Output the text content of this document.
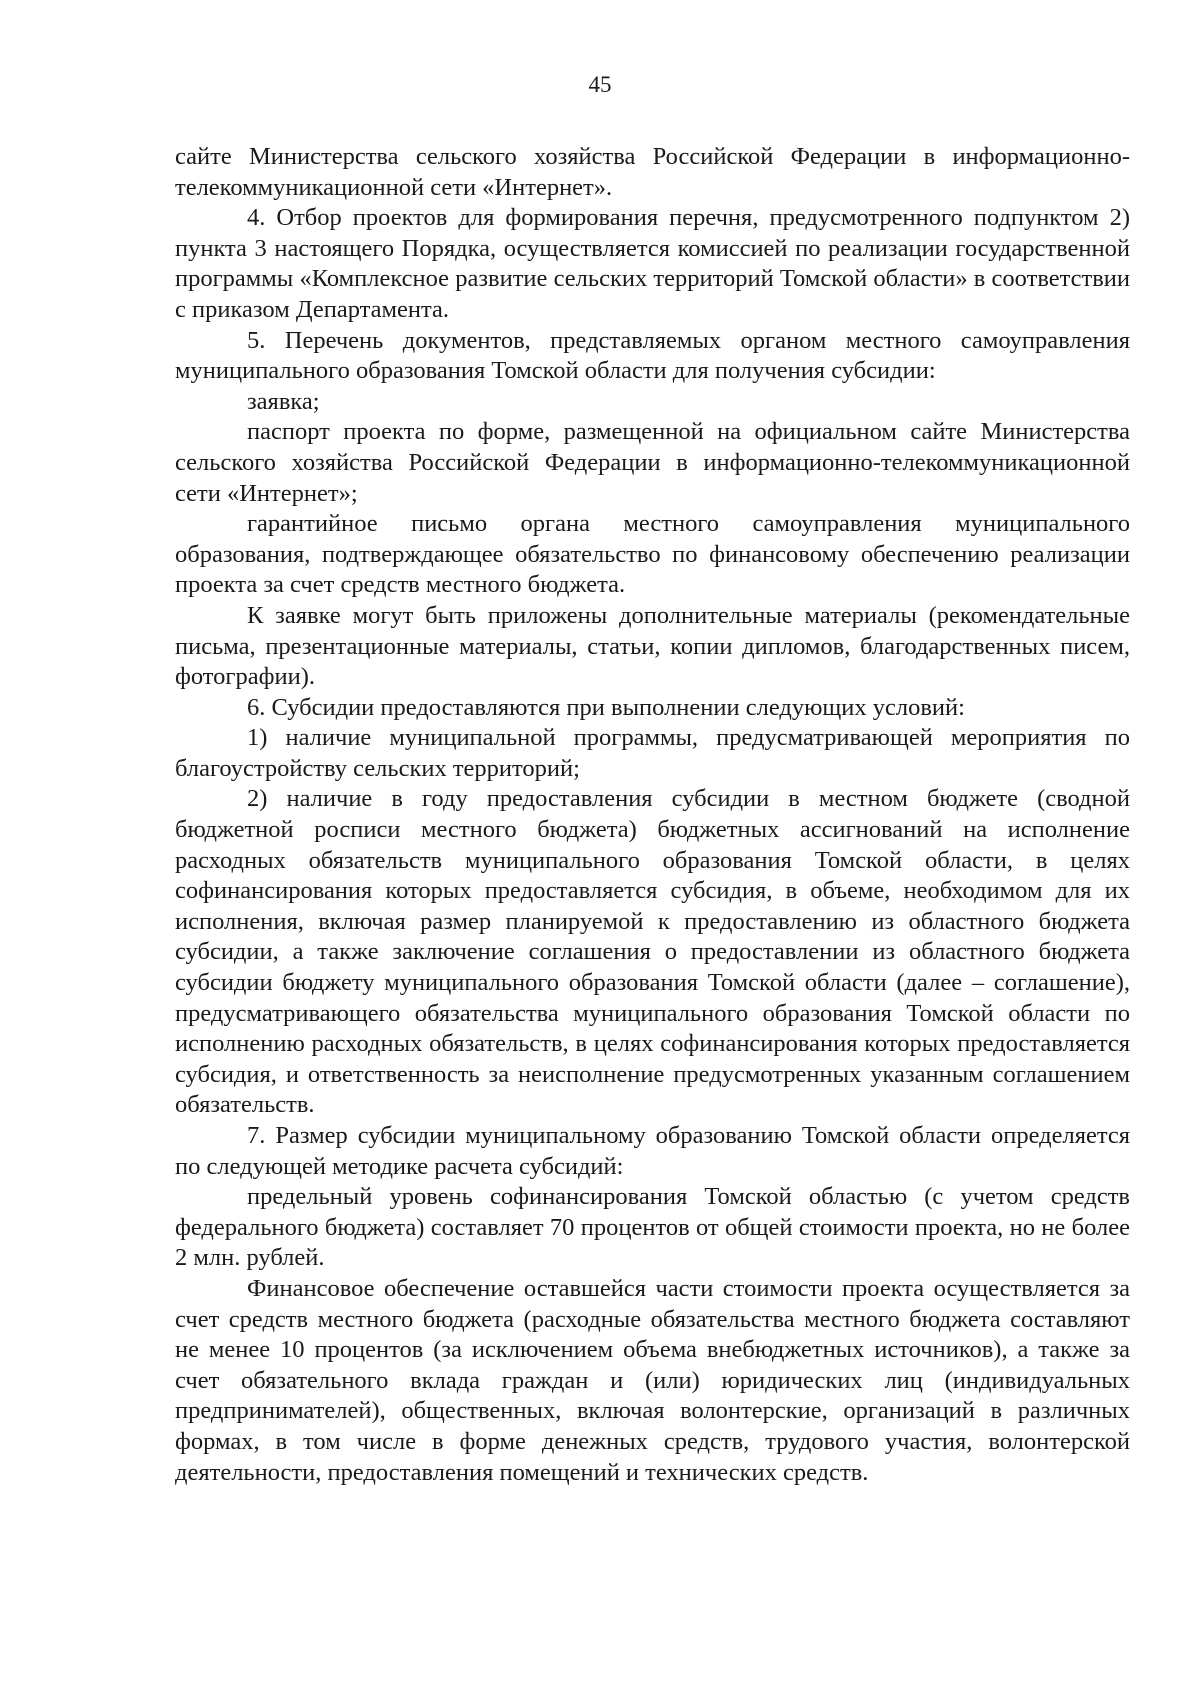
45

сайте Министерства сельского хозяйства Российской Федерации в информационно-телекоммуникационной сети «Интернет».

4. Отбор проектов для формирования перечня, предусмотренного подпунктом 2) пункта 3 настоящего Порядка, осуществляется комиссией по реализации государственной программы «Комплексное развитие сельских территорий Томской области» в соответствии с приказом Департамента.

5. Перечень документов, представляемых органом местного самоуправления муниципального образования Томской области для получения субсидии:

заявка;

паспорт проекта по форме, размещенной на официальном сайте Министерства сельского хозяйства Российской Федерации в информационно-телекоммуникационной сети «Интернет»;

гарантийное письмо органа местного самоуправления муниципального образования, подтверждающее обязательство по финансовому обеспечению реализации проекта за счет средств местного бюджета.

К заявке могут быть приложены дополнительные материалы (рекомендательные письма, презентационные материалы, статьи, копии дипломов, благодарственных писем, фотографии).

6. Субсидии предоставляются при выполнении следующих условий:

1) наличие муниципальной программы, предусматривающей мероприятия по благоустройству сельских территорий;

2) наличие в году предоставления субсидии в местном бюджете (сводной бюджетной росписи местного бюджета) бюджетных ассигнований на исполнение расходных обязательств муниципального образования Томской области, в целях софинансирования которых предоставляется субсидия, в объеме, необходимом для их исполнения, включая размер планируемой к предоставлению из областного бюджета субсидии, а также заключение соглашения о предоставлении из областного бюджета субсидии бюджету муниципального образования Томской области (далее – соглашение), предусматривающего обязательства муниципального образования Томской области по исполнению расходных обязательств, в целях софинансирования которых предоставляется субсидия, и ответственность за неисполнение предусмотренных указанным соглашением обязательств.

7. Размер субсидии муниципальному образованию Томской области определяется по следующей методике расчета субсидий:

предельный уровень софинансирования Томской областью (с учетом средств федерального бюджета) составляет 70 процентов от общей стоимости проекта, но не более 2 млн. рублей.

Финансовое обеспечение оставшейся части стоимости проекта осуществляется за счет средств местного бюджета (расходные обязательства местного бюджета составляют не менее 10 процентов (за исключением объема внебюджетных источников), а также за счет обязательного вклада граждан и (или) юридических лиц (индивидуальных предпринимателей), общественных, включая волонтерские, организаций в различных формах, в том числе в форме денежных средств, трудового участия, волонтерской деятельности, предоставления помещений и технических средств.
